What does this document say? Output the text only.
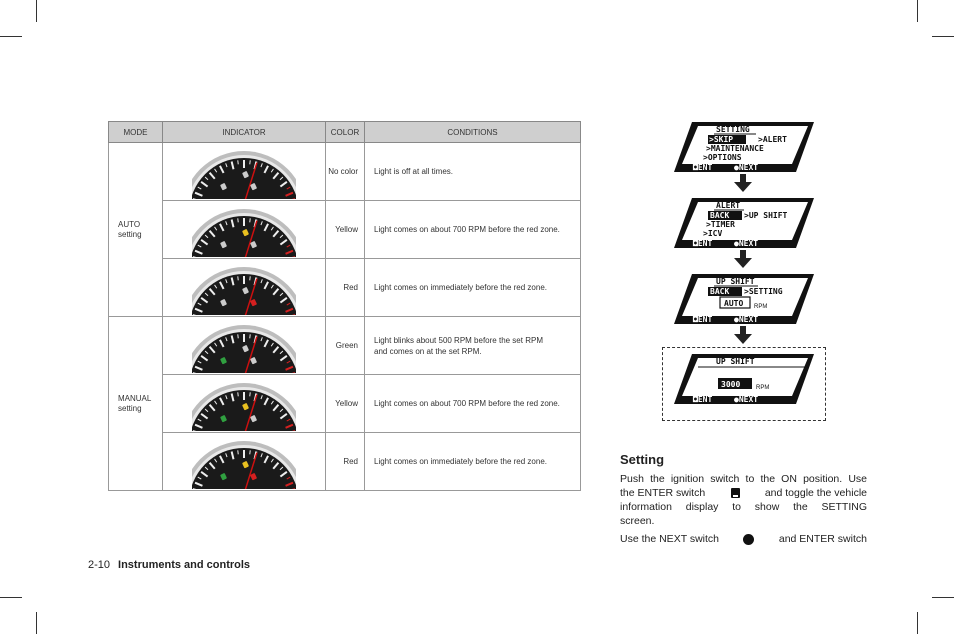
MODE	INDICATOR	COLOR	CONDITIONS
AUTO
setting		No color	Light is off at all times.

	Yellow	Light comes on about 700 RPM before the red zone.

	Red	Light comes on immediately before the red zone.
MANUAL
setting		Green	Light blinks about 500 RPM before the set RPM
and comes on at the set RPM.

	Yellow	Light comes on about 700 RPM before the red zone.

	Red	Light comes on immediately before the red zone.
SETTING
>SKIP	>ALERT
>MAINTENANCE
>OPTIONS
◘ENT	●NEXT
ALERT
BACK >UP SHIFT
>TIMER
>ICV
◘ENT	●NEXT
UP SHIFT
BACK >SETTING
AUTO RPM
◘ENT	●NEXT
UP SHIFT
3000	RPM
◘ENT	●NEXT
Setting
Push the ignition switch to the ON position. Use
the ENTER switch	and toggle the vehicle
information display to show the SETTING
screen.
Use the NEXT switch	and ENTER switch
2-10 Instruments and controls
